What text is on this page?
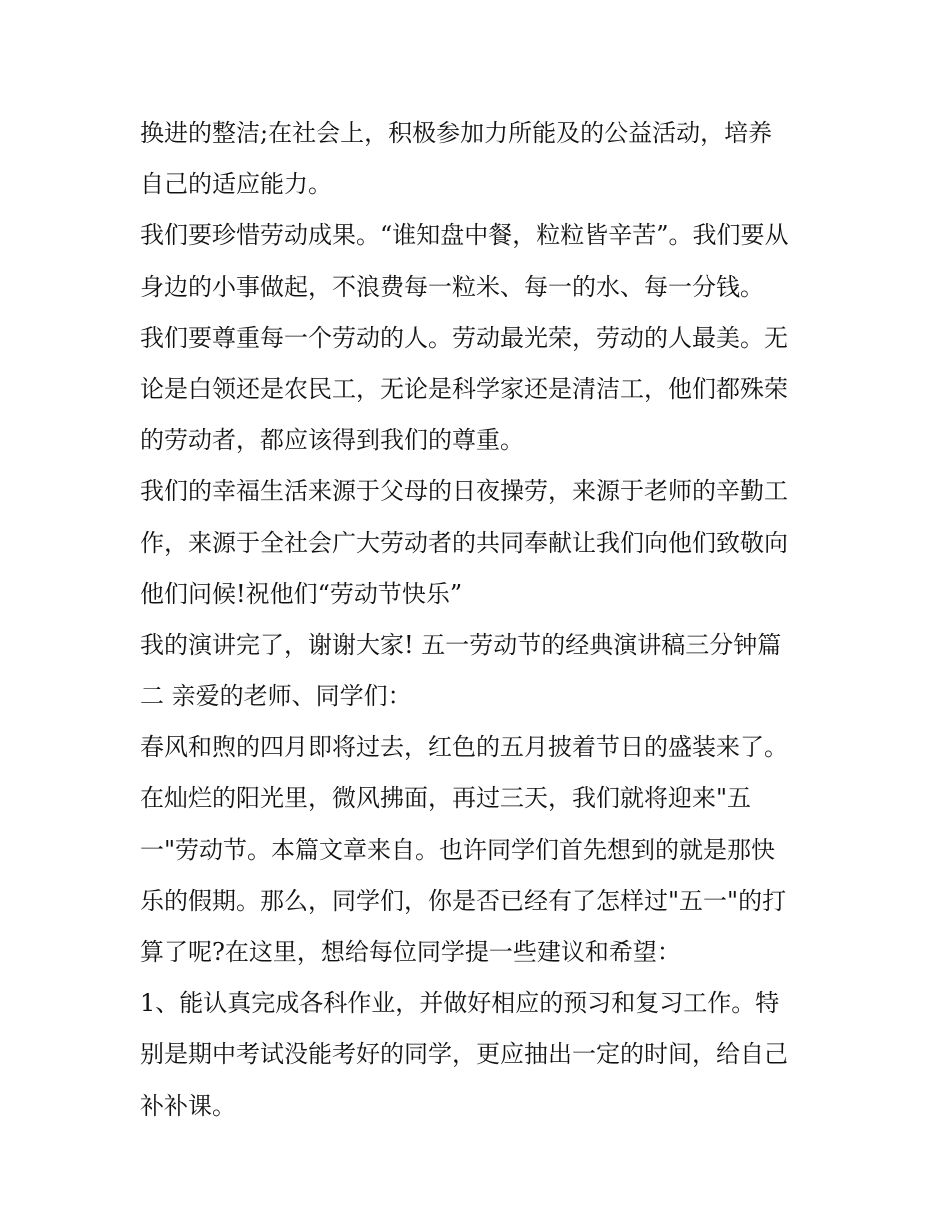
换进的整洁;在社会上，积极参加力所能及的公益活动，培养
自己的适应能力。
我们要珍惜劳动成果。“谁知盘中餐，粒粒皆辛苦”。我们要从
身边的小事做起，不浪费每一粒米、每一的水、每一分钱。
我们要尊重每一个劳动的人。劳动最光荣，劳动的人最美。无
论是白领还是农民工，无论是科学家还是清洁工，他们都殊荣
的劳动者，都应该得到我们的尊重。
我们的幸福生活来源于父母的日夜操劳，来源于老师的辛勤工
作，来源于全社会广大劳动者的共同奉献让我们向他们致敬向
他们问候!祝他们“劳动节快乐”
我的演讲完了，谢谢大家! 五一劳动节的经典演讲稿三分钟篇
二 亲爱的老师、同学们：
春风和煦的四月即将过去，红色的五月披着节日的盛装来了。
在灿烂的阳光里，微风拂面，再过三天，我们就将迎来"五
一"劳动节。本篇文章来自。也许同学们首先想到的就是那快
乐的假期。那么，同学们，你是否已经有了怎样过"五一"的打
算了呢?在这里，想给每位同学提一些建议和希望：
1、能认真完成各科作业，并做好相应的预习和复习工作。特
别是期中考试没能考好的同学，更应抽出一定的时间，给自己
补补课。
